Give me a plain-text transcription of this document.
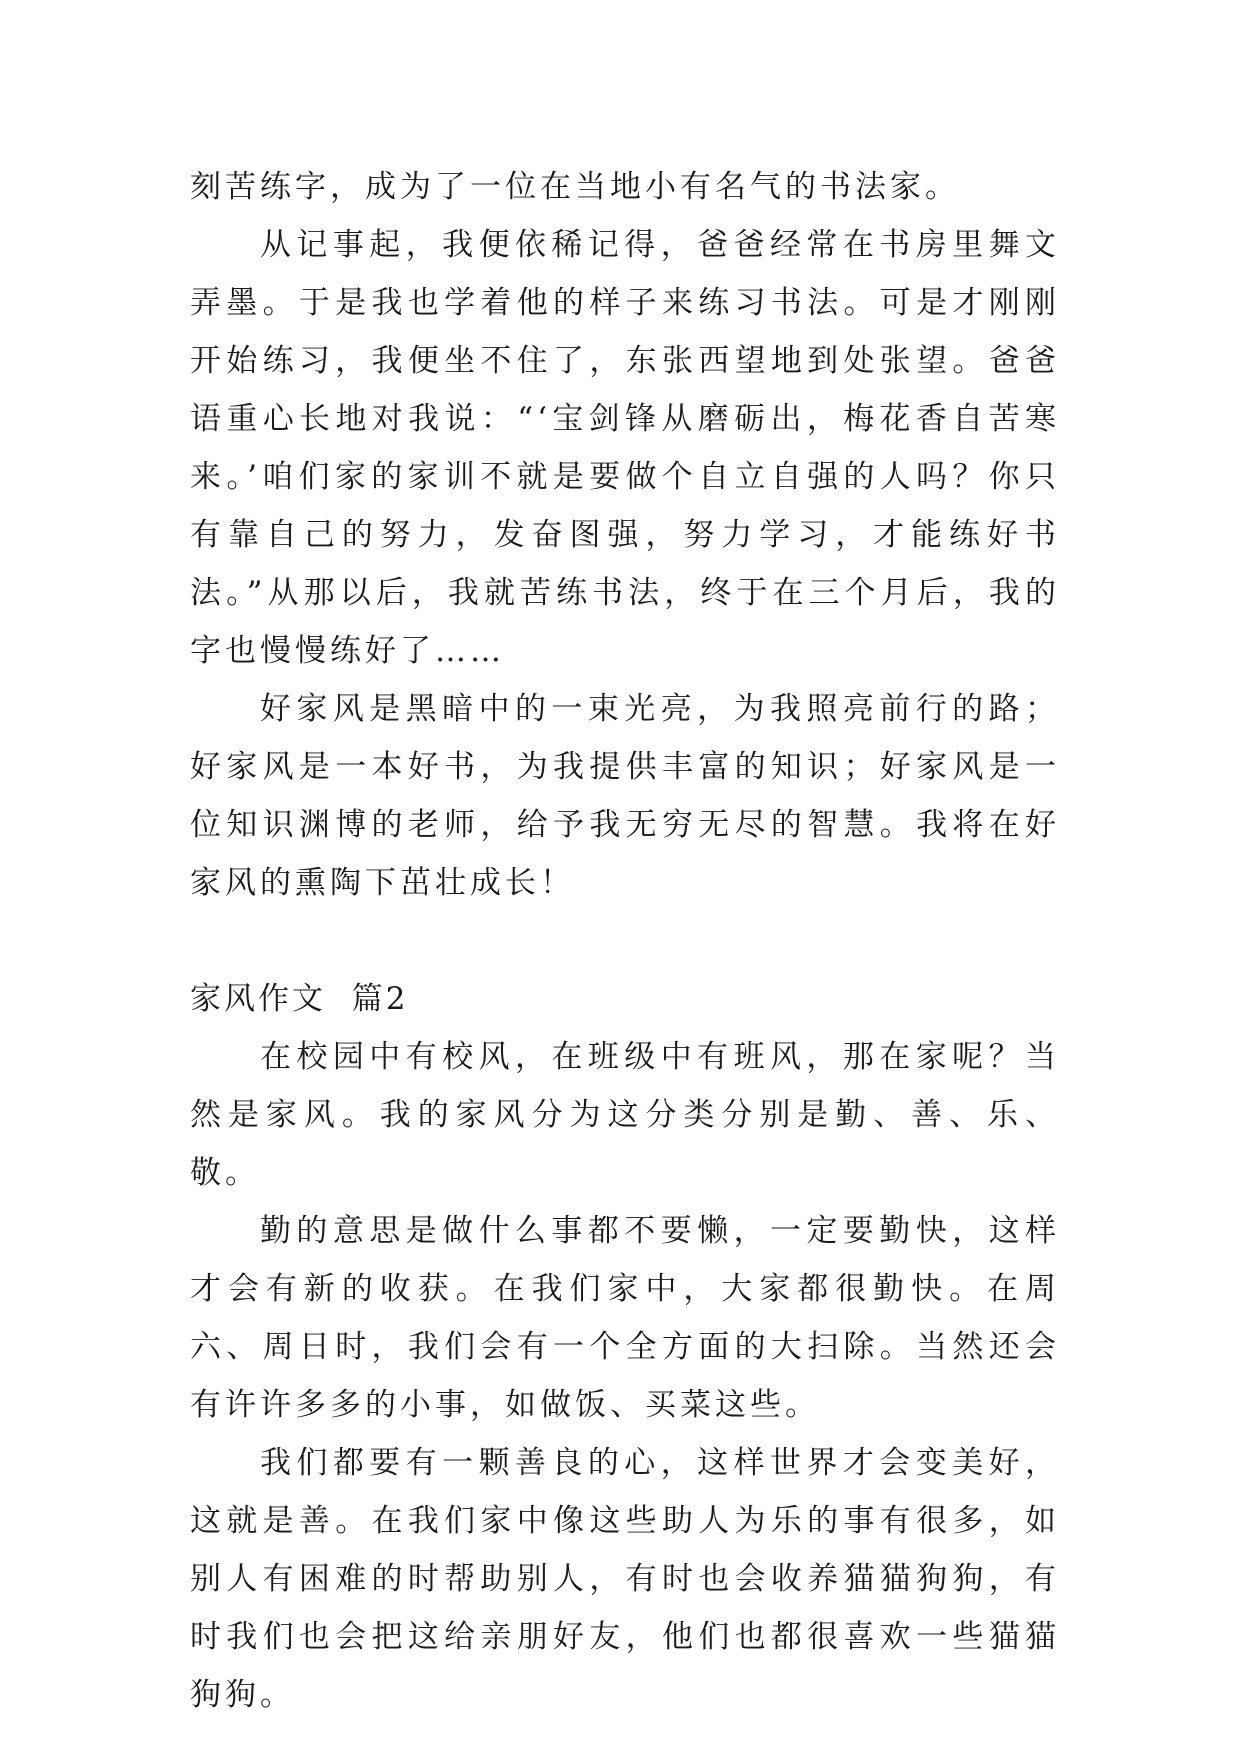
刻苦练字，成为了一位在当地小有名气的书法家。

从记事起，我便依稀记得，爸爸经常在书房里舞文弄墨。于是我也学着他的样子来练习书法。可是才刚刚开始练习，我便坐不住了，东张西望地到处张望。爸爸语重心长地对我说：“‘宝剑锋从磨砺出，梅花香自苦寒来。’咱们家的家训不就是要做个自立自强的人吗？你只有靠自己的努力，发奋图强，努力学习，才能练好书法。”从那以后，我就苦练书法，终于在三个月后，我的字也慢慢练好了……

好家风是黑暗中的一束光亮，为我照亮前行的路；好家风是一本好书，为我提供丰富的知识；好家风是一位知识渊博的老师，给予我无穷无尽的智慧。我将在好家风的熏陶下茁壮成长！

家风作文  篇2

在校园中有校风，在班级中有班风，那在家呢？当然是家风。我的家风分为这分类分别是勤、善、乐、敬。

勤的意思是做什么事都不要懒，一定要勤快，这样才会有新的收获。在我们家中，大家都很勤快。在周六、周日时，我们会有一个全方面的大扫除。当然还会有许许多多的小事，如做饭、买菜这些。

我们都要有一颗善良的心，这样世界才会变美好，这就是善。在我们家中像这些助人为乐的事有很多，如别人有困难的时帮助别人，有时也会收养猫猫狗狗，有时我们也会把这给亲朋好友，他们也都很喜欢一些猫猫狗狗。
